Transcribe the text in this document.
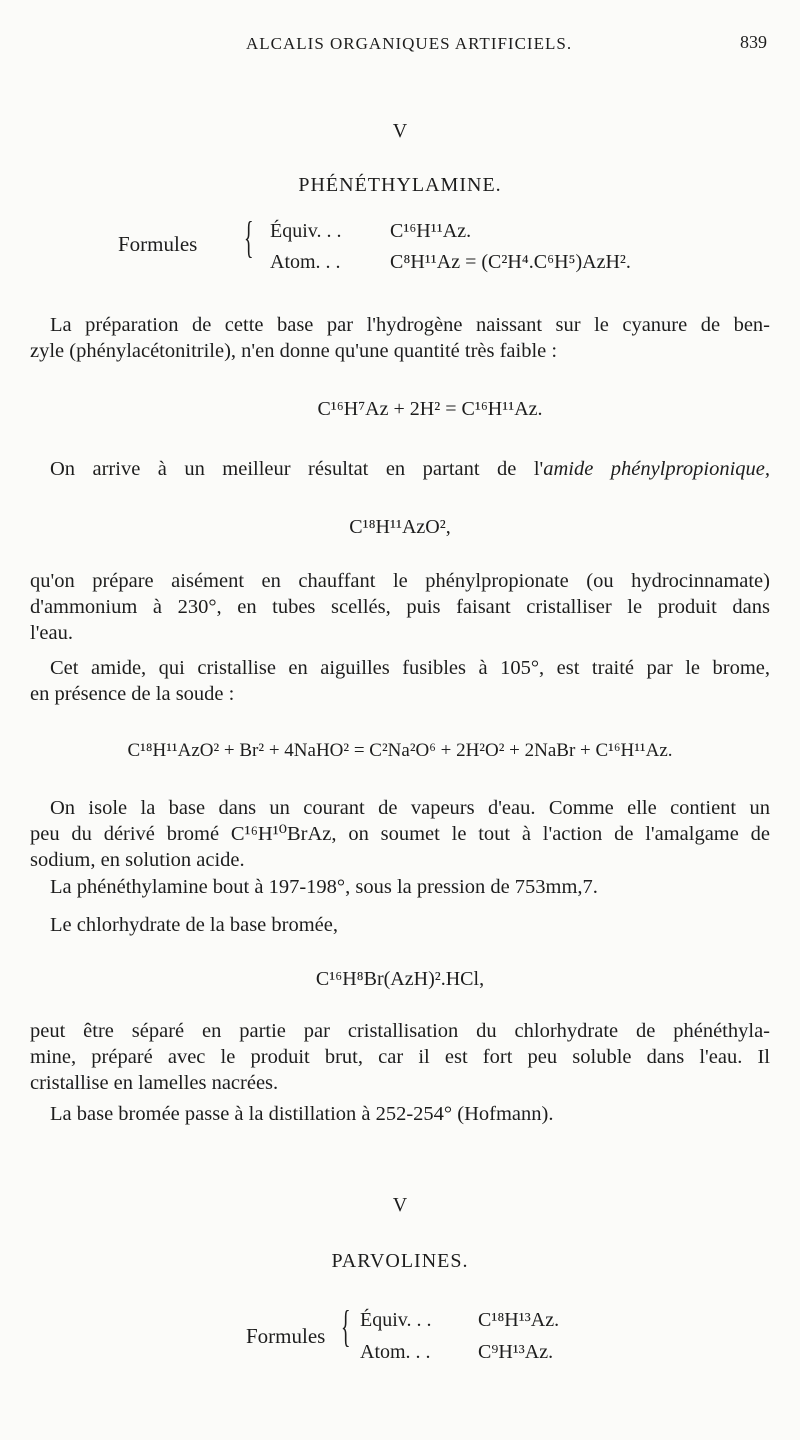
ALCALIS ORGANIQUES ARTIFICIELS.	839
V
PHÉNÉTHYLAMINE.
Formules { Équiv. . . C¹⁶H¹¹Az.
Atom. . . C⁸H¹¹Az = (C²H⁴.C⁶H⁵)AzH².
La préparation de cette base par l'hydrogène naissant sur le cyanure de ben-
zyle (phénylacétonitrile), n'en donne qu'une quantité très faible :
C¹⁶H⁷Az + 2H² = C¹⁶H¹¹Az.
On arrive à un meilleur résultat en partant de l'amide phénylpropionique,
C¹⁸H¹¹AzO²,
qu'on prépare aisément en chauffant le phénylpropionate (ou hydrocinnamate)
d'ammonium à 230°, en tubes scellés, puis faisant cristalliser le produit dans
l'eau.
Cet amide, qui cristallise en aiguilles fusibles à 105°, est traité par le brome,
en présence de la soude :
C¹⁸H¹¹AzO² + Br² + 4NaHO² = C²Na²O⁶ + 2H²O² + 2NaBr + C¹⁶H¹¹Az.
On isole la base dans un courant de vapeurs d'eau. Comme elle contient un
peu du dérivé bromé C¹⁶H¹⁰BrAz, on soumet le tout à l'action de l'amalgame de
sodium, en solution acide.
La phénéthylamine bout à 197-198°, sous la pression de 753mm,7.
Le chlorhydrate de la base bromée,
C¹⁶H⁸Br(AzH)².HCl,
peut être séparé en partie par cristallisation du chlorhydrate de phénéthyla-
mine, préparé avec le produit brut, car il est fort peu soluble dans l'eau. Il
cristallise en lamelles nacrées.
La base bromée passe à la distillation à 252-254° (Hofmann).
V
PARVOLINES.
Formules { Équiv. . . C¹⁸H¹³Az.
Atom. . . C⁹H¹³Az.
